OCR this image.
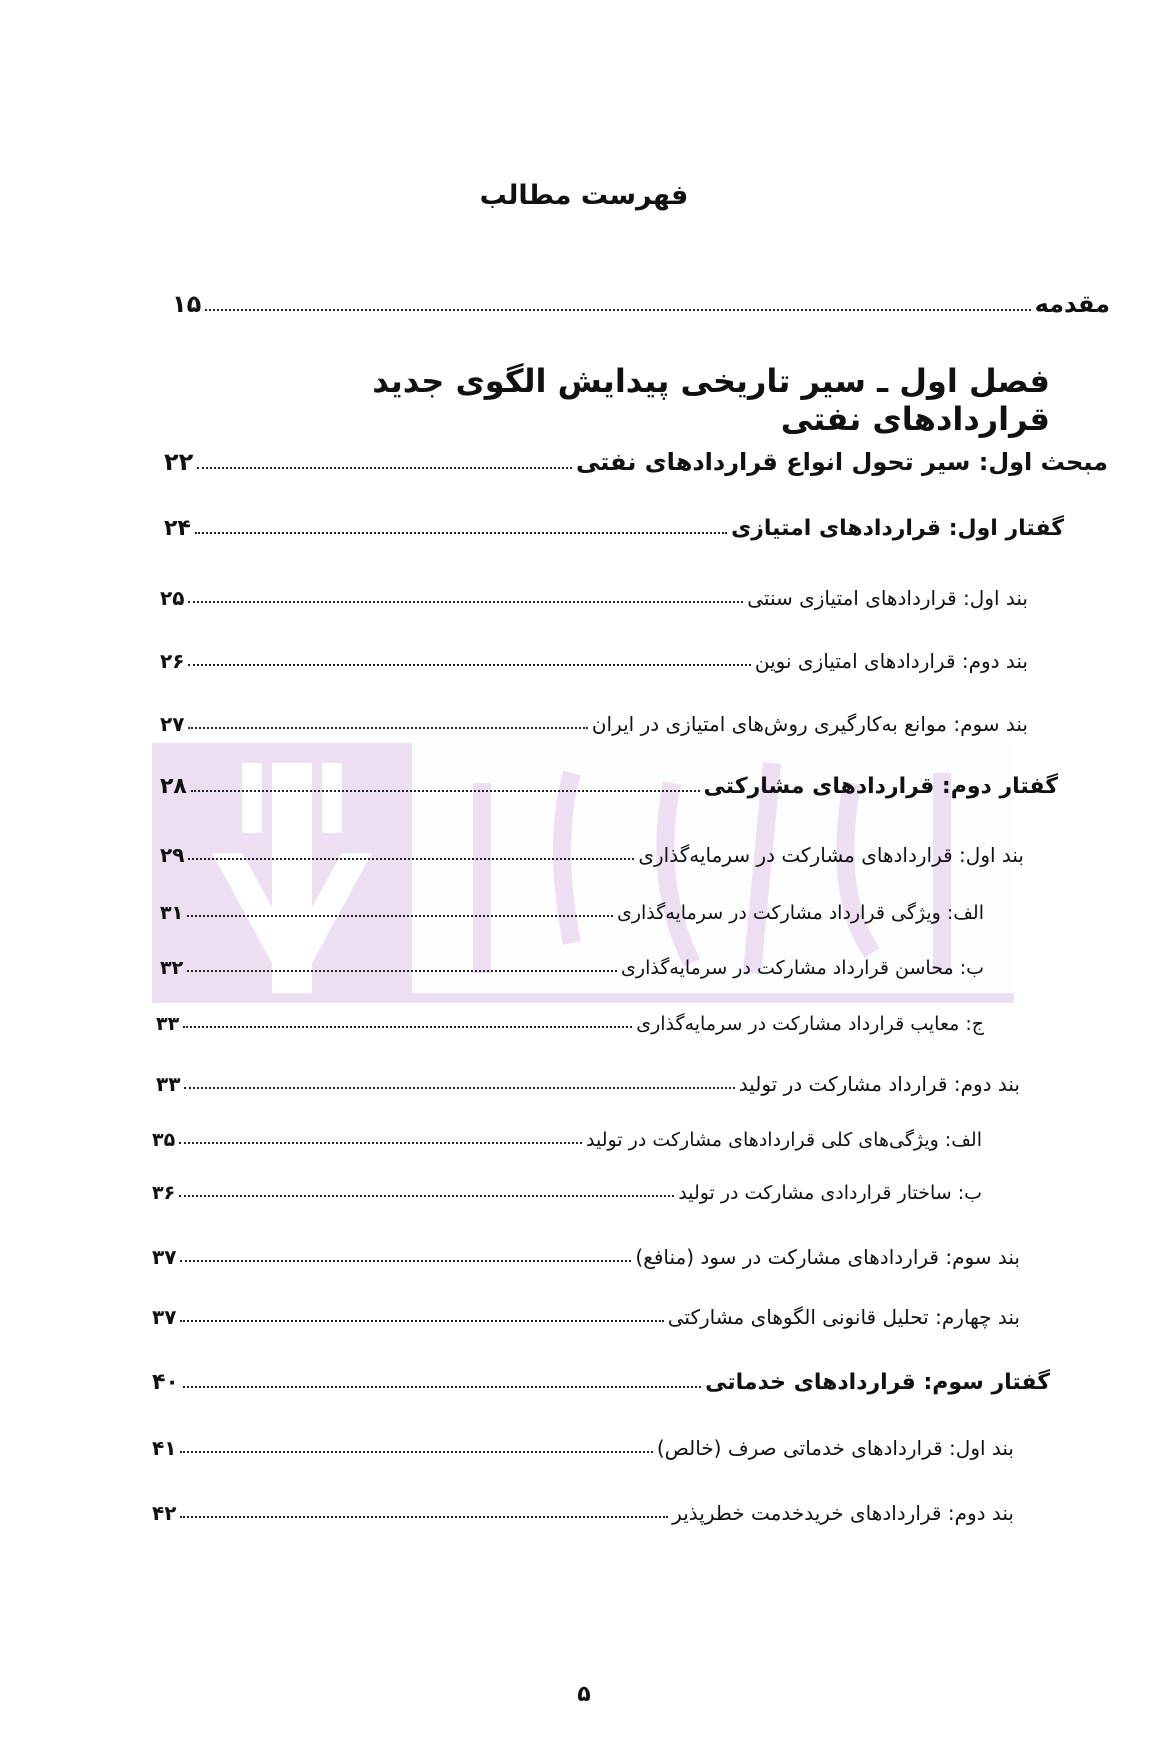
فهرست مطالب
مقدمه
۱۵
فصل اول ـ سیر تاریخی پیدایش الگوی جدید قراردادهای نفتی
مبحث اول: سیر تحول انواع قراردادهای نفتی
۲۲
گفتار اول: قراردادهای امتیازی
۲۴
بند اول: قراردادهای امتیازی سنتی
۲۵
بند دوم: قراردادهای امتیازی نوین
۲۶
بند سوم: موانع به‌کارگیری روش‌های امتیازی در ایران
۲۷
گفتار دوم: قراردادهای مشارکتی
۲۸
بند اول: قراردادهای مشارکت در سرمایه‌گذاری
۲۹
الف: ویژگی قرارداد مشارکت در سرمایه‌گذاری
۳۱
ب: محاسن قرارداد مشارکت در سرمایه‌گذاری
۳۲
ج: معایب قرارداد مشارکت در سرمایه‌گذاری
۳۳
بند دوم: قرارداد مشارکت در تولید
۳۳
الف: ویژگی‌های کلی قراردادهای مشارکت در تولید
۳۵
ب: ساختار قراردادی مشارکت در تولید
۳۶
بند سوم: قراردادهای مشارکت در سود (منافع)
۳۷
بند چهارم: تحلیل قانونی الگوهای مشارکتی
۳۷
گفتار سوم: قراردادهای خدماتی
۴۰
بند اول: قراردادهای خدماتی صرف (خالص)
۴۱
بند دوم: قراردادهای خریدخدمت خطرپذیر
۴۲
۵
